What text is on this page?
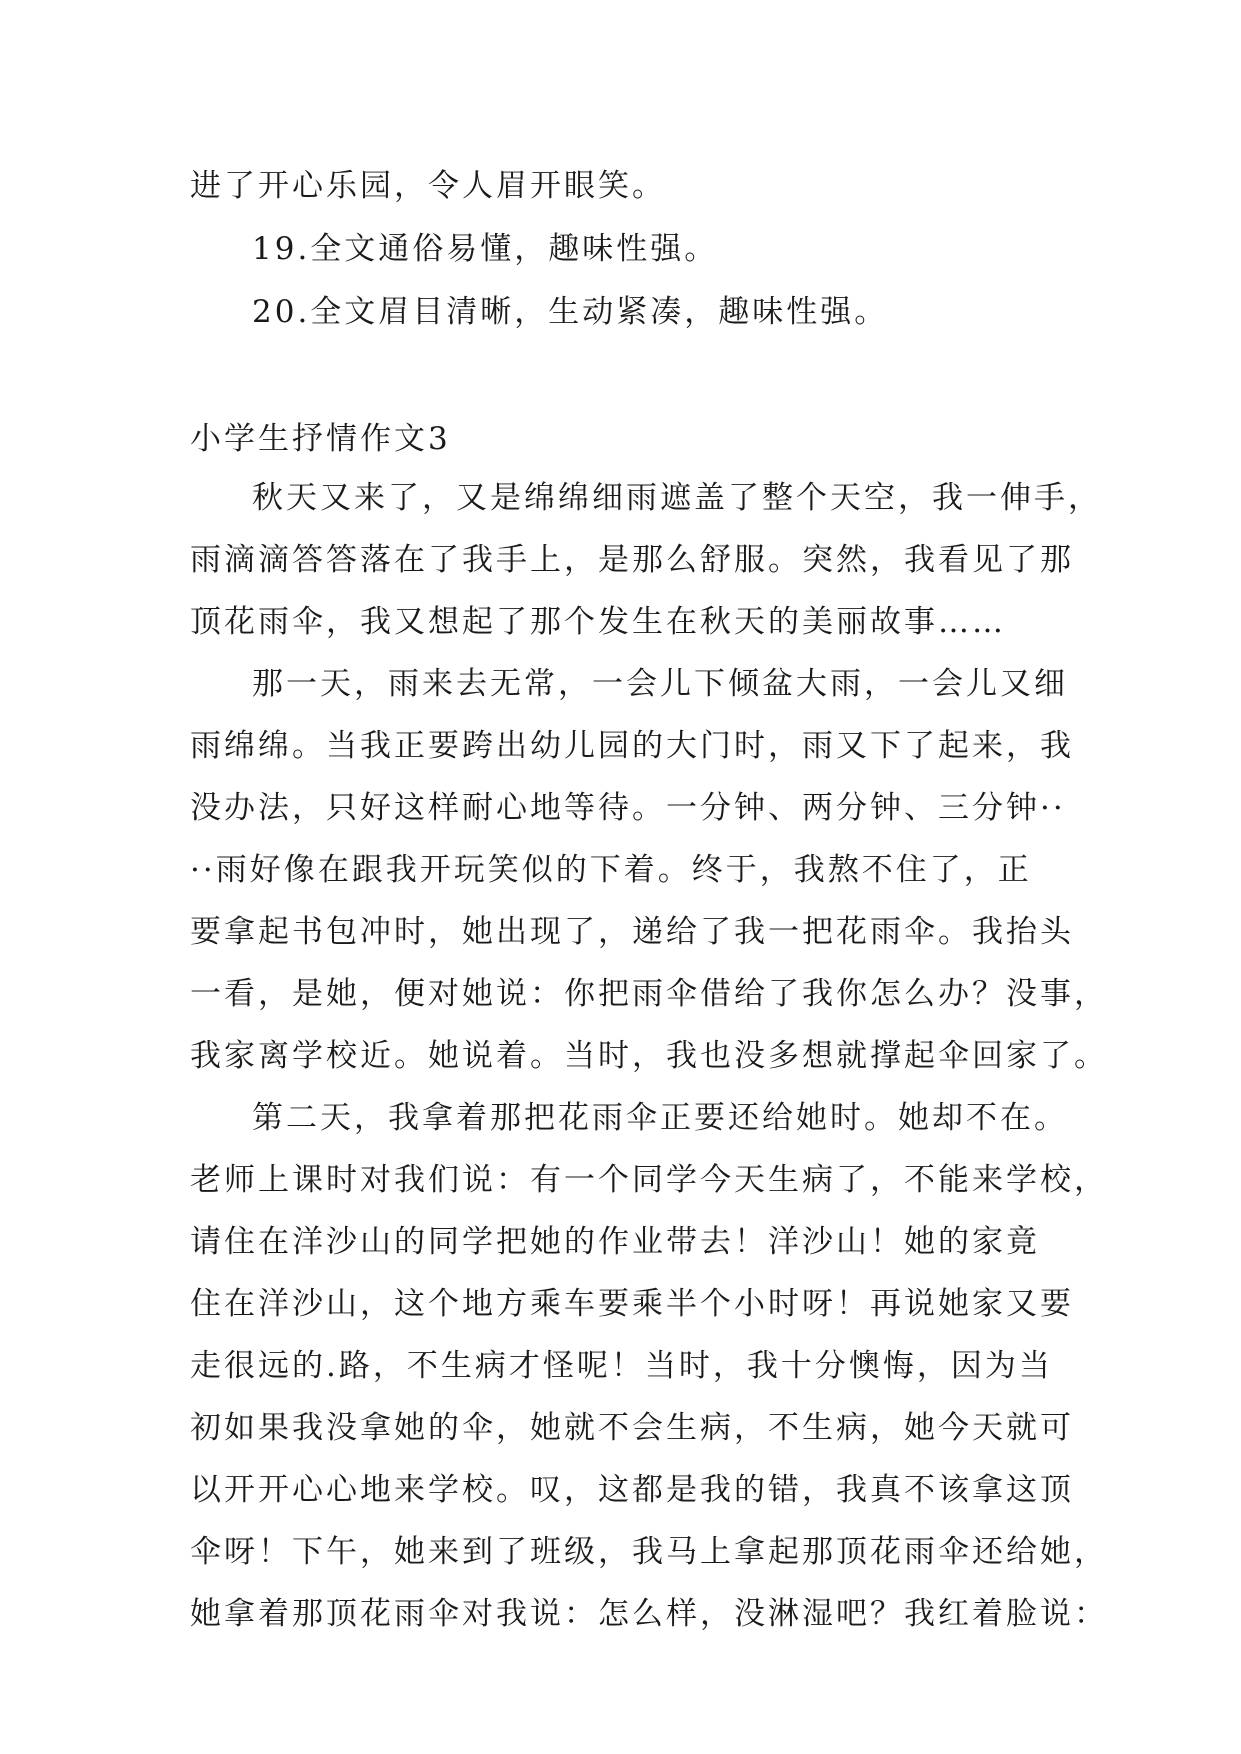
进了开心乐园，令人眉开眼笑。
19.全文通俗易懂，趣味性强。
20.全文眉目清晰，生动紧凑，趣味性强。
小学生抒情作文3
秋天又来了，又是绵绵细雨遮盖了整个天空，我一伸手，
雨滴滴答答落在了我手上，是那么舒服。突然，我看见了那
顶花雨伞，我又想起了那个发生在秋天的美丽故事……
那一天，雨来去无常，一会儿下倾盆大雨，一会儿又细
雨绵绵。当我正要跨出幼儿园的大门时，雨又下了起来，我
没办法，只好这样耐心地等待。一分钟、两分钟、三分钟··
··雨好像在跟我开玩笑似的下着。终于，我熬不住了，正
要拿起书包冲时，她出现了，递给了我一把花雨伞。我抬头
一看，是她，便对她说：你把雨伞借给了我你怎么办？没事，
我家离学校近。她说着。当时，我也没多想就撑起伞回家了。
第二天，我拿着那把花雨伞正要还给她时。她却不在。
老师上课时对我们说：有一个同学今天生病了，不能来学校，
请住在洋沙山的同学把她的作业带去！洋沙山！她的家竟
住在洋沙山，这个地方乘车要乘半个小时呀！再说她家又要
走很远的.路，不生病才怪呢！当时，我十分懊悔，因为当
初如果我没拿她的伞，她就不会生病，不生病，她今天就可
以开开心心地来学校。叹，这都是我的错，我真不该拿这顶
伞呀！下午，她来到了班级，我马上拿起那顶花雨伞还给她，
她拿着那顶花雨伞对我说：怎么样，没淋湿吧？我红着脸说：
